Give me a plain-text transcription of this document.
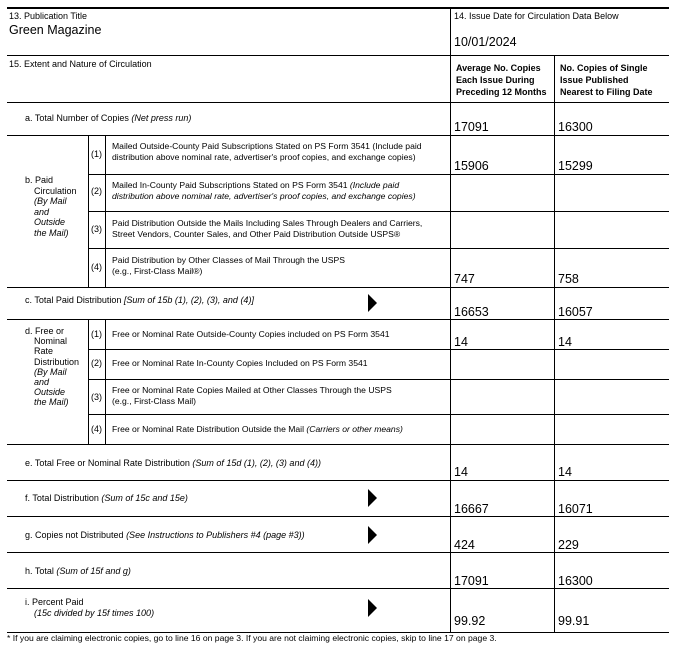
13. Publication Title
Green Magazine
14. Issue Date for Circulation Data Below
10/01/2024
15. Extent and Nature of Circulation	Average No. Copies
Each Issue During
Preceding 12 Months
No. Copies of Single
Issue Published
Nearest to Filing Date
a. Total Number of Copies (Net press run)
17091	16300
b. Paid
Circulation
(By Mail
and
Outside
the Mail)
(1)
Mailed Outside-County Paid Subscriptions Stated on PS Form 3541 (Include paid
distribution above nominal rate, advertiser's proof copies, and exchange copies)
15906	15299
(2)
Mailed In-County Paid Subscriptions Stated on PS Form 3541 (Include paid
distribution above nominal rate, advertiser's proof copies, and exchange copies)
(3)
Paid Distribution Outside the Mails Including Sales Through Dealers and Carriers,
Street Vendors, Counter Sales, and Other Paid Distribution Outside USPS®
(4)
Paid Distribution by Other Classes of Mail Through the USPS
(e.g., First-Class Mail®)
747	758
c. Total Paid Distribution [Sum of 15b (1), (2), (3), and (4)]
16653	16057
d. Free or
Nominal
Rate
Distribution
(By Mail
and
Outside
the Mail)
(1) Free or Nominal Rate Outside-County Copies included on PS Form 3541
14	14
(2) Free or Nominal Rate In-County Copies Included on PS Form 3541
(3)
Free or Nominal Rate Copies Mailed at Other Classes Through the USPS
(e.g., First-Class Mail)
(4) Free or Nominal Rate Distribution Outside the Mail (Carriers or other means)
e. Total Free or Nominal Rate Distribution (Sum of 15d (1), (2), (3) and (4))
14	14
f. Total Distribution (Sum of 15c and 15e)
16667	16071
g. Copies not Distributed (See Instructions to Publishers #4 (page #3))
424	229
h. Total (Sum of 15f and g)
17091	16300
i. Percent Paid
(15c divided by 15f times 100)
99.92	99.91
* If you are claiming electronic copies, go to line 16 on page 3. If you are not claiming electronic copies, skip to line 17 on page 3.
